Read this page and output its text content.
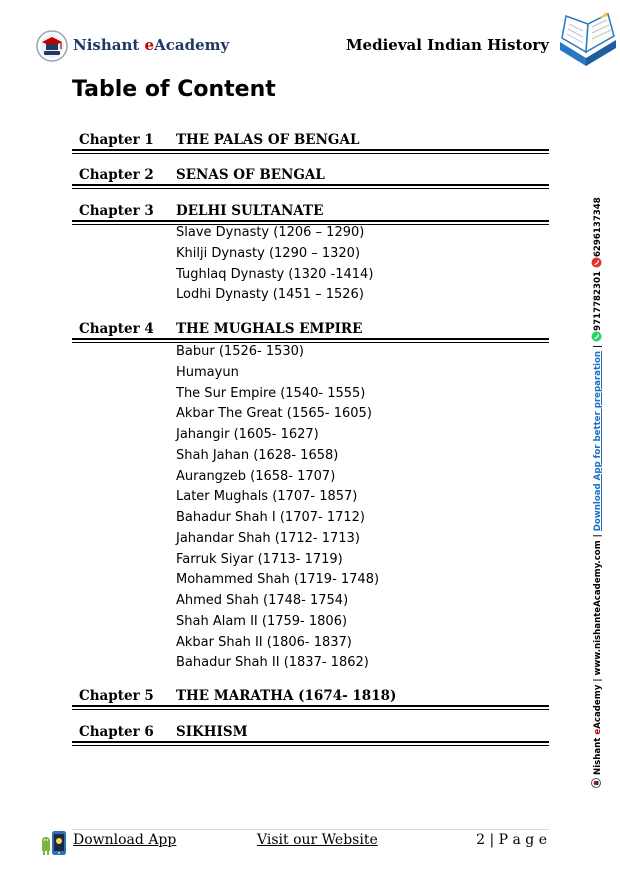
Nishant eAcademy	Medieval Indian History
Table of Content
Chapter 1 THE PALAS OF BENGAL
Chapter 2 SENAS OF BENGAL
Chapter 3 DELHI SULTANATE
Slave Dynasty (1206 – 1290)
Khilji Dynasty (1290 – 1320)
Tughlaq Dynasty (1320 -1414)
Lodhi Dynasty (1451 – 1526)
Chapter 4 THE MUGHALS EMPIRE
Babur (1526- 1530)
Humayun
The Sur Empire (1540- 1555)
Akbar The Great (1565- 1605)
Jahangir (1605- 1627)
Shah Jahan (1628- 1658)
Aurangzeb (1658- 1707)
Later Mughals (1707- 1857)
Bahadur Shah I (1707- 1712)
Jahandar Shah (1712- 1713)
Farruk Siyar (1713- 1719)
Mohammed Shah (1719- 1748)
Ahmed Shah (1748- 1754)
Shah Alam II (1759- 1806)
Akbar Shah II (1806- 1837)
Bahadur Shah II (1837- 1862)
Chapter 5 THE MARATHA (1674- 1818)
Chapter 6 SIKHISM
Nishant eAcademy | www.nishanteAcademy.com | Download App for better preparation | 9717782301 6296137348
Download App	Visit our Website	2 | P a g e
